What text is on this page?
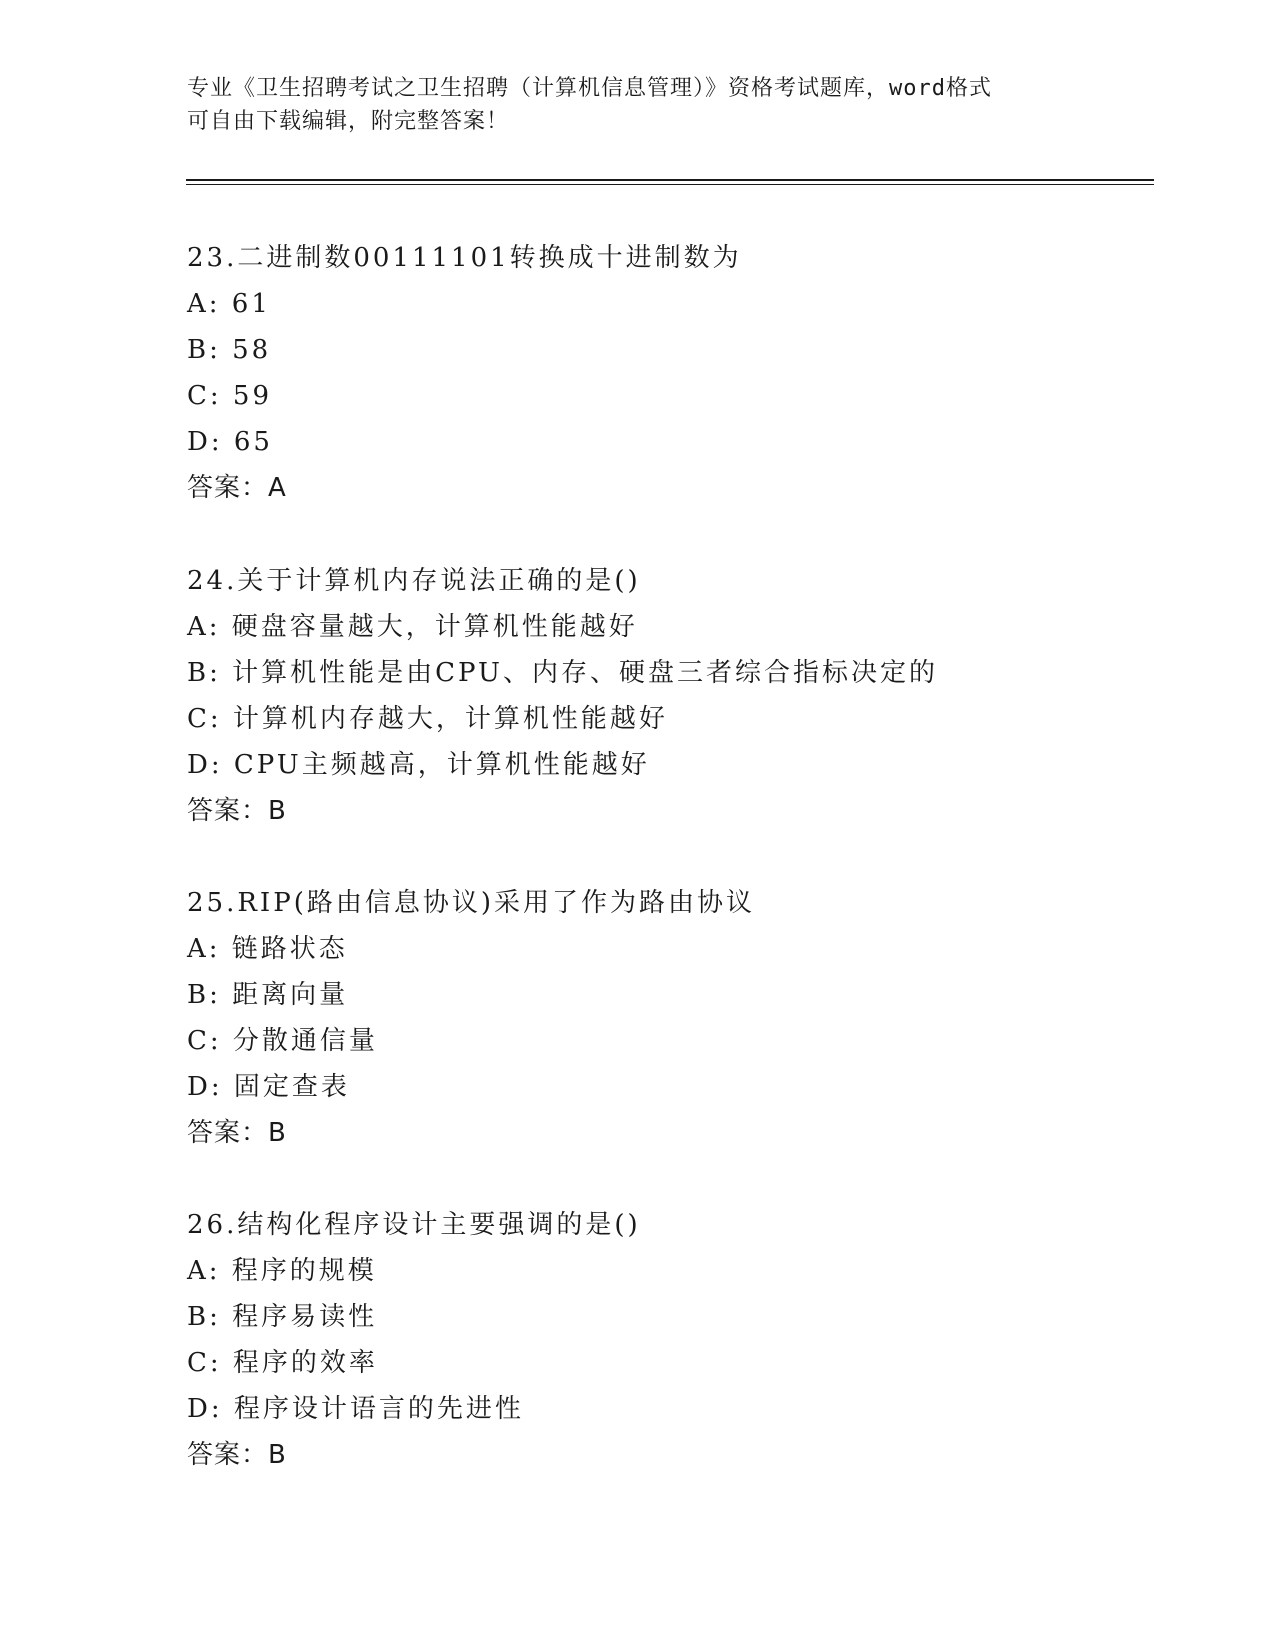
专业《卫生招聘考试之卫生招聘（计算机信息管理）》资格考试题库，word格式
可自由下载编辑，附完整答案！
23.二进制数00111101转换成十进制数为
A: 61
B: 58
C: 59
D: 65
答案：A
24.关于计算机内存说法正确的是()
A: 硬盘容量越大，计算机性能越好
B: 计算机性能是由CPU、内存、硬盘三者综合指标决定的
C: 计算机内存越大，计算机性能越好
D: CPU主频越高，计算机性能越好
答案：B
25.RIP(路由信息协议)采用了作为路由协议
A: 链路状态
B: 距离向量
C: 分散通信量
D: 固定查表
答案：B
26.结构化程序设计主要强调的是()
A: 程序的规模
B: 程序易读性
C: 程序的效率
D: 程序设计语言的先进性
答案：B
